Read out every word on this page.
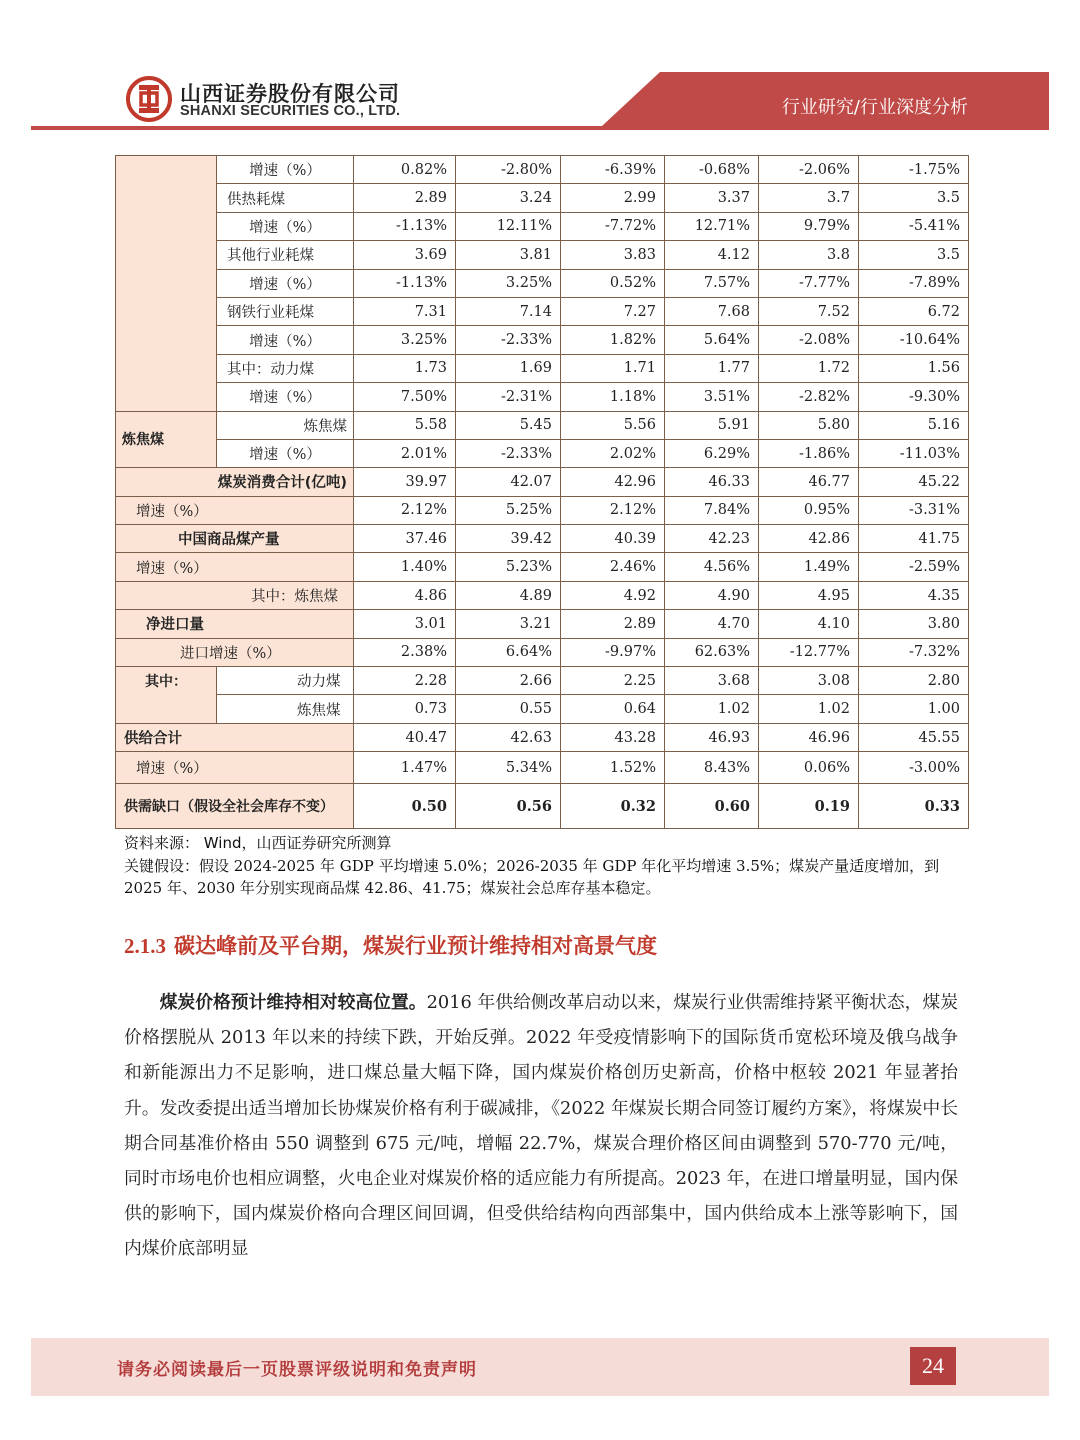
山西证券股份有限公司
SHANXI SECURITIES CO., LTD.	行业研究/行业深度分析
	增速（%）	0.82%	-2.80%	-6.39%	-0.68%	-2.06%	-1.75%
	供热耗煤	2.89	3.24	2.99	3.37	3.7	3.5
	增速（%）	-1.13%	12.11%	-7.72%	12.71%	9.79%	-5.41%
	其他行业耗煤	3.69	3.81	3.83	4.12	3.8	3.5
	增速（%）	-1.13%	3.25%	0.52%	7.57%	-7.77%	-7.89%
	钢铁行业耗煤	7.31	7.14	7.27	7.68	7.52	6.72
	增速（%）	3.25%	-2.33%	1.82%	5.64%	-2.08%	-10.64%
	其中：动力煤	1.73	1.69	1.71	1.77	1.72	1.56
	增速（%）	7.50%	-2.31%	1.18%	3.51%	-2.82%	-9.30%
炼焦煤	炼焦煤	5.58	5.45	5.56	5.91	5.80	5.16
	增速（%）	2.01%	-2.33%	2.02%	6.29%	-1.86%	-11.03%
煤炭消费合计(亿吨)		39.97	42.07	42.96	46.33	46.77	45.22
增速（%）		2.12%	5.25%	2.12%	7.84%	0.95%	-3.31%
中国商品煤产量		37.46	39.42	40.39	42.23	42.86	41.75
增速（%）		1.40%	5.23%	2.46%	4.56%	1.49%	-2.59%
其中：炼焦煤		4.86	4.89	4.92	4.90	4.95	4.35
净进口量		3.01	3.21	2.89	4.70	4.10	3.80
进口增速（%）		2.38%	6.64%	-9.97%	62.63%	-12.77%	-7.32%
其中：	动力煤	2.28	2.66	2.25	3.68	3.08	2.80
	炼焦煤	0.73	0.55	0.64	1.02	1.02	1.00
供给合计		40.47	42.63	43.28	46.93	46.96	45.55
增速（%）		1.47%	5.34%	1.52%	8.43%	0.06%	-3.00%
供需缺口（假设全社会库存不变）		0.50	0.56	0.32	0.60	0.19	0.33
资料来源： Wind，山西证券研究所测算
关键假设：假设 2024-2025 年 GDP 平均增速 5.0%；2026-2035 年 GDP 年化平均增速 3.5%；煤炭产量适度增加，到 2025 年、2030 年分别实现商品煤 42.86、41.75；煤炭社会总库存基本稳定。
2.1.3 碳达峰前及平台期，煤炭行业预计维持相对高景气度
煤炭价格预计维持相对较高位置。2016 年供给侧改革启动以来，煤炭行业供需维持紧平衡状态，煤炭价格摆脱从 2013 年以来的持续下跌，开始反弹。2022 年受疫情影响下的国际货币宽松环境及俄乌战争和新能源出力不足影响，进口煤总量大幅下降，国内煤炭价格创历史新高，价格中枢较 2021 年显著抬升。发改委提出适当增加长协煤炭价格有利于碳减排，《2022 年煤炭长期合同签订履约方案》，将煤炭中长期合同基准价格由 550 调整到 675 元/吨，增幅 22.7%，煤炭合理价格区间由调整到 570-770 元/吨，同时市场电价也相应调整，火电企业对煤炭价格的适应能力有所提高。2023 年，在进口增量明显，国内保供的影响下，国内煤炭价格向合理区间回调，但受供给结构向西部集中，国内供给成本上涨等影响下，国内煤价底部明显
请务必阅读最后一页股票评级说明和免责声明	24
